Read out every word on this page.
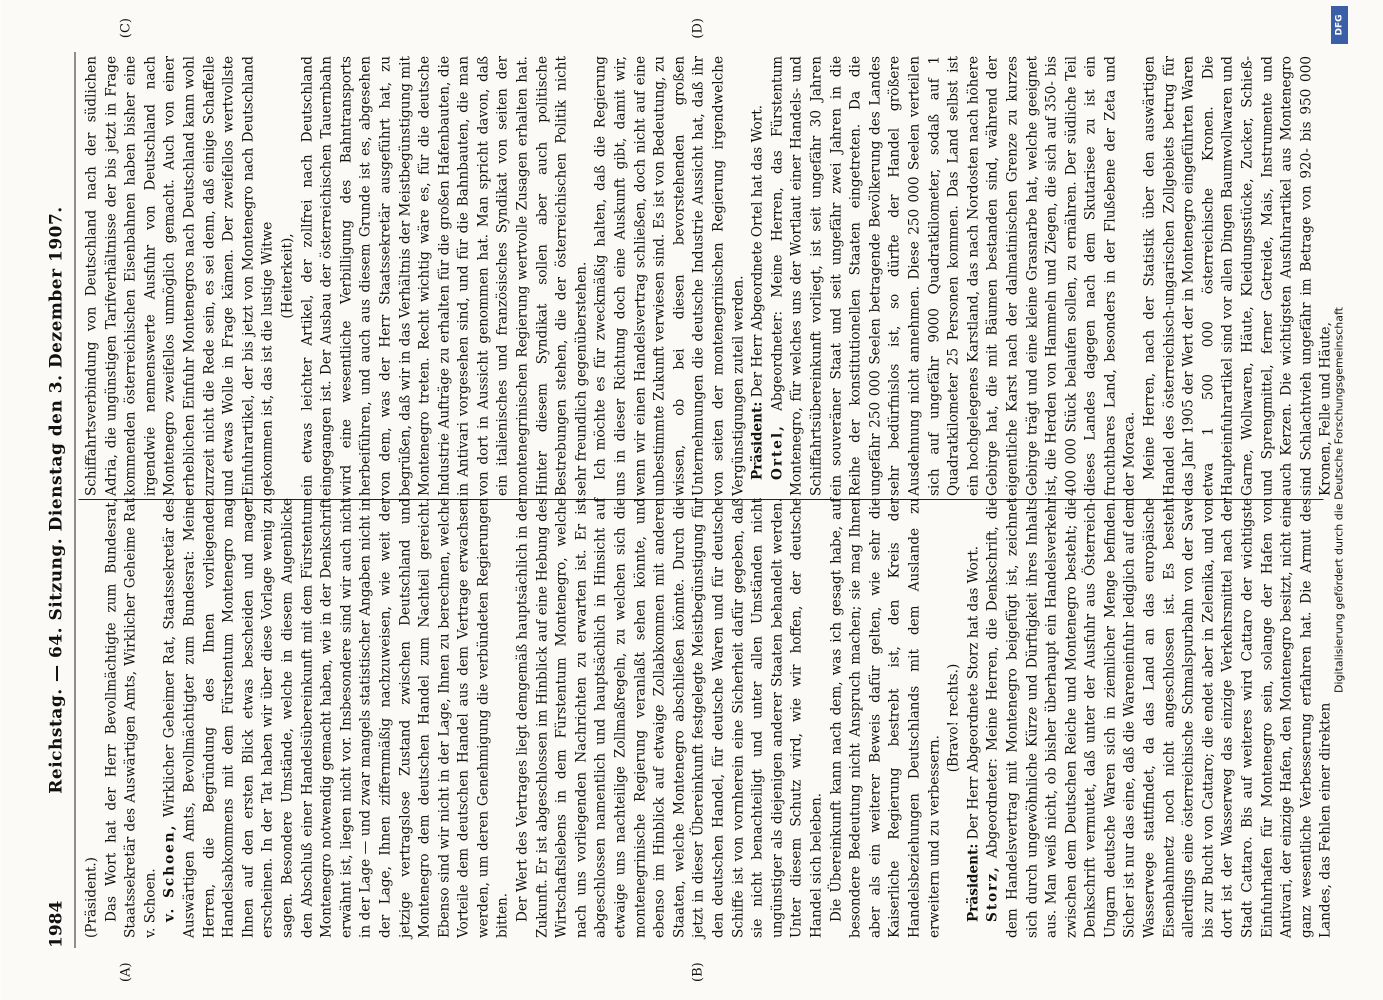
1984
Reichstag. — 64. Sitzung. Dienstag den 3. Dezember 1907.
(A)	(B)
(C)	(D)

(Präsident.) Das Wort hat der Herr Bevollmächtigte zum Bundesrat, Staatssekretär des Auswärtigen Amts, Wirklicher Geheime Rat v. Schoen. v. Schoen, Wirklicher Geheimer Rat, Staatssekretär des Auswärtigen Amts, Bevollmächtigter zum Bundesrat: Meine Herren, die Begründung des Ihnen vorliegenden Handelsabkommens mit dem Fürstentum Montenegro mag Ihnen auf den ersten Blick etwas bescheiden und mager erscheinen. In der Tat haben wir über diese Vorlage wenig zu sagen. Besondere Umstände, welche in diesem Augenblicke den Abschluß einer Handelsübereinkunft mit dem Fürstentum Montenegro notwendig gemacht haben, wie in der Denkschrift erwähnt ist, liegen nicht vor. Insbesondere sind wir auch nicht in der Lage — und zwar mangels statistischer Angaben nicht in der Lage, Ihnen ziffernmäßig nachzuweisen, wie weit der jetzige vertragslose Zustand zwischen Deutschland und Montenegro dem deutschen Handel zum Nachteil gereicht. Ebenso sind wir nicht in der Lage, Ihnen zu berechnen, welche Vorteile dem deutschen Handel aus dem Vertrage erwachsen werden, um deren Genehmigung die verbündeten Regierungen bitten. Der Wert des Vertrages liegt demgemäß hauptsächlich in der Zukunft. Er ist abgeschlossen im Hinblick auf eine Hebung des Wirtschaftslebens in dem Fürstentum Montenegro, welche nach uns vorliegenden Nachrichten zu erwarten ist. Er ist abgeschlossen namentlich und hauptsächlich in Hinsicht auf etwaige uns nachteilige Zollmaßregeln, zu welchen sich die montenegrinische Regierung veranlaßt sehen könnte, und ebenso im Hinblick auf etwaige Zollabkommen mit anderen Staaten, welche Montenegro abschließen könnte. Durch die jetzt in dieser Übereinkunft festgelegte Meistbegünstigung für den deutschen Handel, für deutsche Waren und für deutsche Schiffe ist von vornherein eine Sicherheit dafür gegeben, daß sie nicht benachteiligt und unter allen Umständen nicht ungünstiger als diejenigen anderer Staaten behandelt werden. Unter diesem Schutz wird, wie wir hoffen, der deutsche Handel sich beleben. Die Übereinkunft kann nach dem, was ich gesagt habe, auf besondere Bedeutung nicht Anspruch machen; sie mag Ihnen aber als ein weiterer Beweis dafür gelten, wie sehr die Kaiserliche Regierung bestrebt ist, den Kreis der Handelsbeziehungen Deutschlands mit dem Auslande zu erweitern und zu verbessern.

(Bravo! rechts.)

Präsident: Der Herr Abgeordnete Storz hat das Wort.

Storz, Abgeordneter: Meine Herren, die Denkschrift, die dem Handelsvertrag mit Montenegro beigefügt ist, zeichnet sich durch ungewöhnliche Kürze und Dürftigkeit ihres Inhalts aus. Man weiß nicht, ob bisher überhaupt ein Handelsverkehr zwischen dem Deutschen Reiche und Montenegro besteht; die Denkschrift vermutet, daß unter der Ausfuhr aus Österreich-Ungarn deutsche Waren sich in ziemlicher Menge befinden. Sicher ist nur das eine, daß die Wareneinfuhr lediglich auf dem Wasserwege stattfindet, da das Land an das europäische Eisenbahnnetz noch nicht angeschlossen ist. Es besteht allerdings eine österreichische Schmalspurbahn von der Save bis zur Bucht von Cattaro; die endet aber in Zelenika, und von dort ist der Wasserweg das einzige Verkehrsmittel nach der Stadt Cattaro. Bis auf weiteres wird Cattaro der wichtigste Einfuhrhafen für Montenegro sein, solange der Hafen von Antivari, der einzige Hafen, den Montenegro besitzt, nicht eine ganz wesentliche Verbesserung erfahren hat. Die Armut des Landes, das Fehlen einer direkten

Schiffahrtsverbindung von Deutschland nach der südlichen Adria, die ungünstigen Tarifverhältnisse der bis jetzt in Frage kommenden österreichischen Eisenbahnen haben bisher eine irgendwie nennenswerte Ausfuhr von Deutschland nach Montenegro zweifellos unmöglich gemacht. Auch von einer erheblichen Einfuhr Montenegros nach Deutschland kann wohl zurzeit nicht die Rede sein, es sei denn, daß einige Schaffelle und etwas Wolle in Frage kämen. Der zweifellos wertvollste Einfuhrartikel, der bis jetzt von Montenegro nach Deutschland gekommen ist, das ist die lustige Witwe (Heiterkeit), ein etwas leichter Artikel, der zollfrei nach Deutschland eingegangen ist. Der Ausbau der österreichischen Tauernbahn wird eine wesentliche Verbilligung des Bahntransports herbeiführen, und auch aus diesem Grunde ist es, abgesehen von dem, was der Herr Staatssekretär ausgeführt hat, zu begrüßen, daß wir in das Verhältnis der Meistbegünstigung mit Montenegro treten. Recht wichtig wäre es, für die deutsche Industrie Aufträge zu erhalten für die großen Hafenbauten, die in Antivari vorgesehen sind, und für die Bahnbauten, die man von dort in Aussicht genommen hat. Man spricht davon, daß ein italienisches und französisches Syndikat von seiten der montenegrinischen Regierung wertvolle Zusagen erhalten hat. Hinter diesem Syndikat sollen aber auch politische Bestrebungen stehen, die der österreichischen Politik nicht sehr freundlich gegenüberstehen. Ich möchte es für zweckmäßig halten, daß die Regierung uns in dieser Richtung doch eine Auskunft gibt, damit wir, wenn wir einen Handelsvertrag schließen, doch nicht auf eine unbestimmte Zukunft verwiesen sind. Es ist von Bedeutung, zu wissen, ob bei diesen bevorstehenden großen Unternehmungen die deutsche Industrie Aussicht hat, daß ihr von seiten der montenegrinischen Regierung irgendwelche Vergünstigungen zuteil werden. Präsident: Der Herr Abgeordnete Ortel hat das Wort.

Ortel, Abgeordneter: Meine Herren, das Fürstentum Montenegro, für welches uns der Wortlaut einer Handels- und Schiffahrtsübereinkunft vorliegt, ist seit ungefähr 30 Jahren ein souveräner Staat und seit ungefähr zwei Jahren in die Reihe der konstitutionellen Staaten eingetreten. Da die ungefähr 250 000 Seelen betragende Bevölkerung des Landes sehr bedürfnislos ist, so dürfte der Handel größere Ausdehnung nicht annehmen. Diese 250 000 Seelen verteilen sich auf ungefähr 9000 Quadratkilometer, sodaß auf 1 Quadratkilometer 25 Personen kommen. Das Land selbst ist ein hochgelegenes Karstland, das nach Nordosten nach höhere Gebirge hat, die mit Bäumen bestanden sind, während der eigentliche Karst nach der dalmatinischen Grenze zu kurzes Gebirge trägt und eine kleine Grasnarbe hat, welche geeignet ist, die Herden von Hammeln und Ziegen, die sich auf 350- bis 400 000 Stück belaufen sollen, zu ernähren. Der südliche Teil dieses Landes dagegen nach dem Skutarisee zu ist ein fruchtbares Land, besonders in der Flußebene der Zeta und der Moraca. Meine Herren, nach der Statistik über den auswärtigen Handel des österreichisch-ungarischen Zollgebiets betrug für das Jahr 1905 der Wert der in Montenegro eingeführten Waren etwa 1 500 000 österreichische Kronen. Die Haupteinfuhrartikel sind vor allen Dingen Baumwollwaren und Garne, Wollwaren, Häute, Kleidungsstücke, Zucker, Schieß- und Sprengmittel, ferner Getreide, Mais, Instrumente und auch Kerzen. Die wichtigsten Ausfuhrartikel aus Montenegro sind Schlachtvieh ungefähr im Betrage von 920- bis 950 000 Kronen, Felle und Häute,

DFG
Digitalisierung gefördert durch die Deutsche Forschungsgemeinschaft
